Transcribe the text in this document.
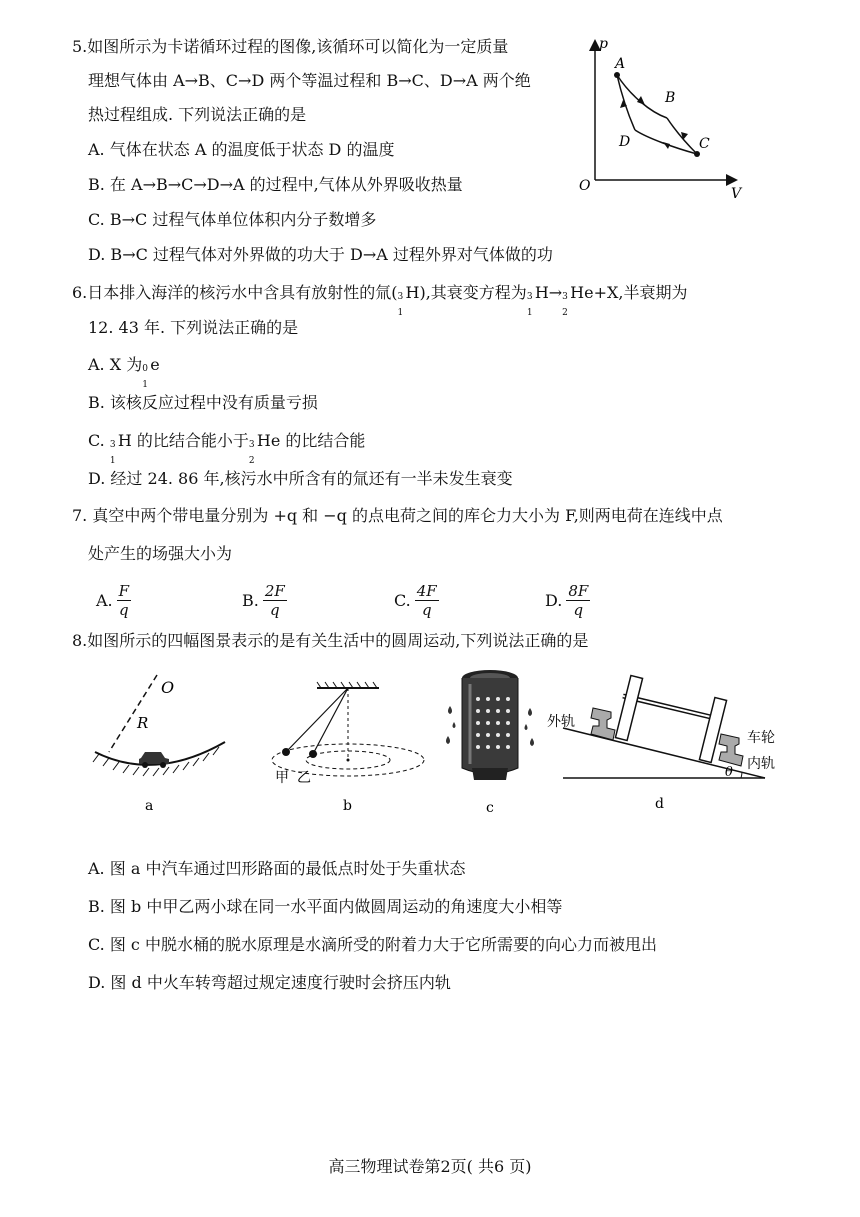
5.如图所示为卡诺循环过程的图像,该循环可以简化为一定质量
理想气体由 A→B、C→D 两个等温过程和 B→C、D→A 两个绝
热过程组成. 下列说法正确的是
A. 气体在状态 A 的温度低于状态 D 的温度
B. 在 A→B→C→D→A 的过程中,气体从外界吸收热量
C. B→C 过程气体单位体积内分子数增多
D. B→C 过程气体对外界做的功大于 D→A 过程外界对气体做的功
p
V
O
A
B
C
D
6.日本排入海洋的核污水中含具有放射性的氚( 3
1
H),其衰变方程为 3
1
H→ 3
2
He+X,半衰期为
12. 43 年. 下列说法正确的是
A. X 为 0
1
e
B. 该核反应过程中没有质量亏损
C. 3
1
H 的比结合能小于 3
2
He 的比结合能
D. 经过 24. 86 年,核污水中所含有的氚还有一半未发生衰变
7. 真空中两个带电量分别为 +q 和 −q 的点电荷之间的库仑力大小为 F,则两电荷在连线中点
处产生的场强大小为
A. $\frac{F}{q}$	B. $\frac{2F}{q}$	C. $\frac{4F}{q}$	D. $\frac{8F}{q}$
8.如图所示的四幅图景表示的是有关生活中的圆周运动,下列说法正确的是
O
R
a
甲 乙
b	c
外轨
车轮
内轨
θ
d
A. 图 a 中汽车通过凹形路面的最低点时处于失重状态
B. 图 b 中甲乙两小球在同一水平面内做圆周运动的角速度大小相等
C. 图 c 中脱水桶的脱水原理是水滴所受的附着力大于它所需要的向心力而被甩出
D. 图 d 中火车转弯超过规定速度行驶时会挤压内轨
高三物理试卷第2页( 共6 页)
